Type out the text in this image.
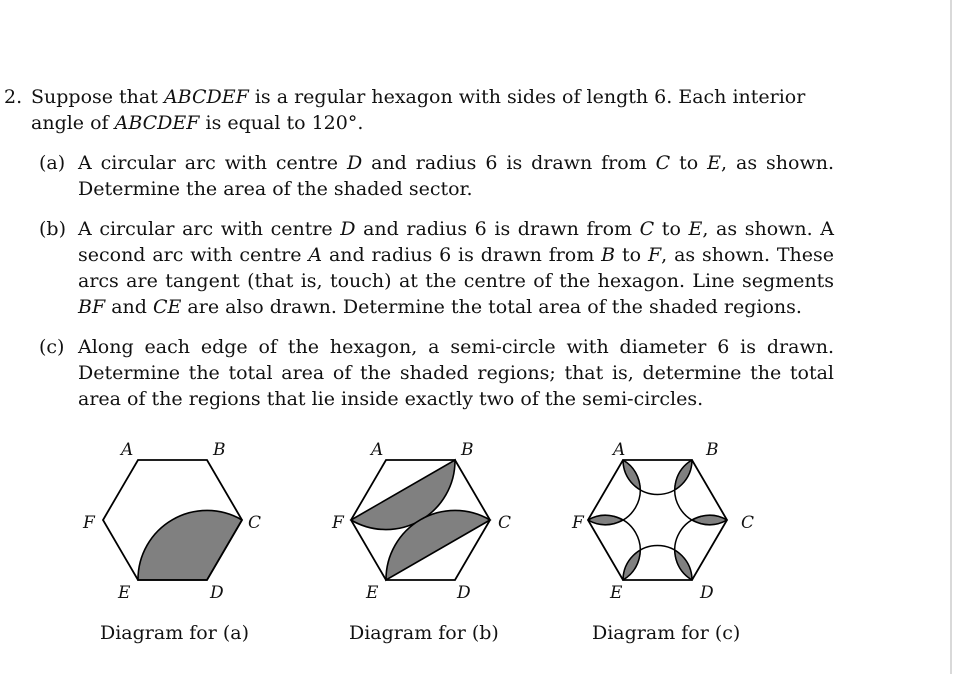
2. Suppose that ABCDEF is a regular hexagon with sides of length 6. Each interior angle of ABCDEF is equal to 120°.

(a) A circular arc with centre D and radius 6 is drawn from C to E, as shown. Determine the area of the shaded sector.

(b) A circular arc with centre D and radius 6 is drawn from C to E, as shown. A second arc with centre A and radius 6 is drawn from B to F, as shown. These arcs are tangent (that is, touch) at the centre of the hexagon. Line segments BF and CE are also drawn. Determine the total area of the shaded regions.

(c) Along each edge of the hexagon, a semi-circle with diameter 6 is drawn. Determine the total area of the shaded regions; that is, determine the total area of the regions that lie inside exactly two of the semi-circles.

A	B
C
D
E
F
A	B
C
D
E
F
A	B
C
D
E
F
Diagram for (a)	Diagram for (b)	Diagram for (c)
